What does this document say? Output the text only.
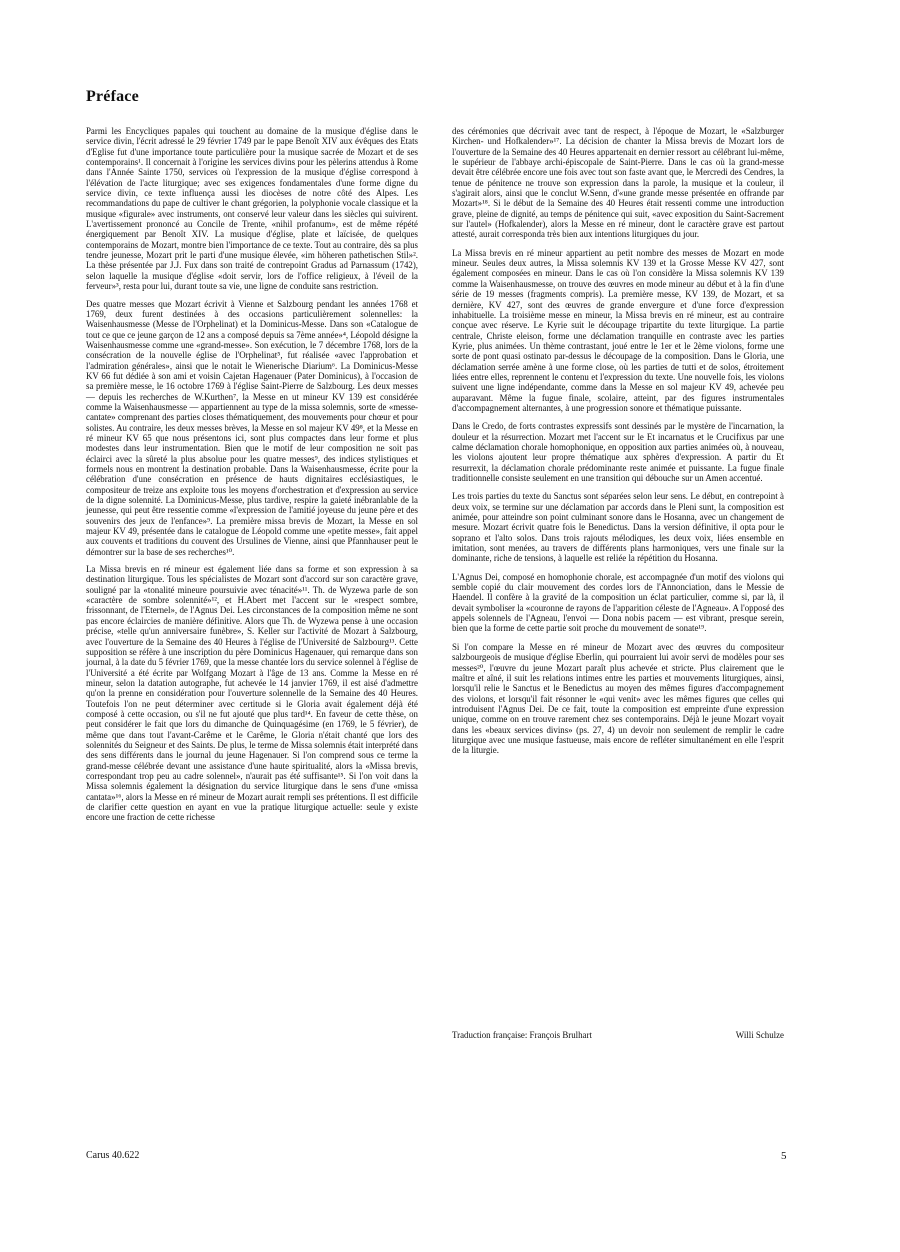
Préface

Parmi les Encycliques papales qui touchent au domaine de la musique d'église dans le service divin, l'écrit adressé le 29 février 1749 par le pape Benoît XIV aux évêques des Etats d'Eglise fut d'une importance toute particulière pour la musique sacrée de Mozart et de ses contemporains¹. Il concernait à l'origine les services divins pour les pèlerins attendus à Rome dans l'Année Sainte 1750, services où l'expression de la musique d'église correspond à l'élévation de l'acte liturgique; avec ses exigences fondamentales d'une forme digne du service divin, ce texte influença aussi les diocèses de notre côté des Alpes. Les recommandations du pape de cultiver le chant grégorien, la polyphonie vocale classique et la musique «figurale» avec instruments, ont conservé leur valeur dans les siècles qui suivirent. L'avertissement prononcé au Concile de Trente, «nihil profanum», est de même répété énergiquement par Benoît XIV. La musique d'église, plate et laïcisée, de quelques contemporains de Mozart, montre bien l'importance de ce texte. Tout au contraire, dès sa plus tendre jeunesse, Mozart prit le parti d'une musique élevée, «im höheren pathetischen Stil»². La thèse présentée par J.J. Fux dans son traité de contrepoint Gradus ad Parnassum (1742), selon laquelle la musique d'église «doit servir, lors de l'office religieux, à l'éveil de la ferveur»³, resta pour lui, durant toute sa vie, une ligne de conduite sans restriction.

Des quatre messes que Mozart écrivit à Vienne et Salzbourg pendant les années 1768 et 1769, deux furent destinées à des occasions particulièrement solennelles: la Waisenhausmesse (Messe de l'Orphelinat) et la Dominicus-Messe. Dans son «Catalogue de tout ce que ce jeune garçon de 12 ans a composé depuis sa 7ème année»⁴, Léopold désigne la Waisenhausmesse comme une «grand-messe». Son exécution, le 7 décembre 1768, lors de la consécration de la nouvelle église de l'Orphelinat⁵, fut réalisée «avec l'approbation et l'admiration générales», ainsi que le notait le Wienerische Diarium⁶. La Dominicus-Messe KV 66 fut dédiée à son ami et voisin Cajetan Hagenauer (Pater Dominicus), à l'occasion de sa première messe, le 16 octobre 1769 à l'église Saint-Pierre de Salzbourg. Les deux messes — depuis les recherches de W.Kurthen⁷, la Messe en ut mineur KV 139 est considérée comme la Waisenhausmesse — appartiennent au type de la missa solemnis, sorte de «messe-cantate» comprenant des parties closes thématiquement, des mouvements pour chœur et pour solistes. Au contraire, les deux messes brèves, la Messe en sol majeur KV 49⁸, et la Messe en ré mineur KV 65 que nous présentons ici, sont plus compactes dans leur forme et plus modestes dans leur instrumentation. Bien que le motif de leur composition ne soit pas éclairci avec la sûreté la plus absolue pour les quatre messes⁹, des indices stylistiques et formels nous en montrent la destination probable. Dans la Waisenhausmesse, écrite pour la célébration d'une consécration en présence de hauts dignitaires ecclésiastiques, le compositeur de treize ans exploite tous les moyens d'orchestration et d'expression au service de la digne solennité. La Dominicus-Messe, plus tardive, respire la gaieté inébranlable de la jeunesse, qui peut être ressentie comme «l'expression de l'amitié joyeuse du jeune père et des souvenirs des jeux de l'enfance»⁹. La première missa brevis de Mozart, la Messe en sol majeur KV 49, présentée dans le catalogue de Léopold comme une «petite messe», fait appel aux couvents et traditions du couvent des Ursulines de Vienne, ainsi que Pfannhauser peut le démontrer sur la base de ses recherches¹⁰.

La Missa brevis en ré mineur est également liée dans sa forme et son expression à sa destination liturgique. Tous les spécialistes de Mozart sont d'accord sur son caractère grave, souligné par la «tonalité mineure poursuivie avec ténacité»¹¹. Th. de Wyzewa parle de son «caractère de sombre solennité»¹², et H.Abert met l'accent sur le «respect sombre, frissonnant, de l'Eternel», de l'Agnus Dei. Les circonstances de la composition même ne sont pas encore éclaircies de manière définitive. Alors que Th. de Wyzewa pense à une occasion précise, «telle qu'un anniversaire funèbre», S. Keller sur l'activité de Mozart à Salzbourg, avec l'ouverture de la Semaine des 40 Heures à l'église de l'Université de Salzbourg¹³. Cette supposition se réfère à une inscription du père Dominicus Hagenauer, qui remarque dans son journal, à la date du 5 février 1769, que la messe chantée lors du service solennel à l'église de l'Université a été écrite par Wolfgang Mozart à l'âge de 13 ans. Comme la Messe en ré mineur, selon la datation autographe, fut achevée le 14 janvier 1769, il est aisé d'admettre qu'on la prenne en considération pour l'ouverture solennelle de la Semaine des 40 Heures. Toutefois l'on ne peut déterminer avec certitude si le Gloria avait également déjà été composé à cette occasion, ou s'il ne fut ajouté que plus tard¹⁴. En faveur de cette thèse, on peut considérer le fait que lors du dimanche de Quinquagésime (en 1769, le 5 février), de même que dans tout l'avant-Carême et le Carême, le Gloria n'était chanté que lors des solennités du Seigneur et des Saints. De plus, le terme de Missa solemnis était interprété dans des sens différents dans le journal du jeune Hagenauer. Si l'on comprend sous ce terme la grand-messe célébrée devant une assistance d'une haute spiritualité, alors la «Missa brevis, correspondant trop peu au cadre solennel», n'aurait pas été suffisante¹⁵. Si l'on voit dans la Missa solemnis également la désignation du service liturgique dans le sens d'une «missa cantata»¹⁶, alors la Messe en ré mineur de Mozart aurait rempli ses prétentions. Il est difficile de clarifier cette question en ayant en vue la pratique liturgique actuelle: seule y existe encore une fraction de cette richesse

des cérémonies que décrivait avec tant de respect, à l'époque de Mozart, le «Salzburger Kirchen- und Hofkalender»¹⁷. La décision de chanter la Missa brevis de Mozart lors de l'ouverture de la Semaine des 40 Heures appartenait en dernier ressort au célébrant lui-même, le supérieur de l'abbaye archi-épiscopale de Saint-Pierre. Dans le cas où la grand-messe devait être célébrée encore une fois avec tout son faste avant que, le Mercredi des Cendres, la tenue de pénitence ne trouve son expression dans la parole, la musique et la couleur, il s'agirait alors, ainsi que le conclut W.Senn, d'«une grande messe présentée en offrande par Mozart»¹⁸. Si le début de la Semaine des 40 Heures était ressenti comme une introduction grave, pleine de dignité, au temps de pénitence qui suit, «avec exposition du Saint-Sacrement sur l'autel» (Hofkalender), alors la Messe en ré mineur, dont le caractère grave est partout attesté, aurait corresponda très bien aux intentions liturgiques du jour.

La Missa brevis en ré mineur appartient au petit nombre des messes de Mozart en mode mineur. Seules deux autres, la Missa solemnis KV 139 et la Grosse Messe KV 427, sont également composées en mineur. Dans le cas où l'on considère la Missa solemnis KV 139 comme la Waisenhausmesse, on trouve des œuvres en mode mineur au début et à la fin d'une série de 19 messes (fragments compris). La première messe, KV 139, de Mozart, et sa dernière, KV 427, sont des œuvres de grande envergure et d'une force d'expression inhabituelle. La troisième messe en mineur, la Missa brevis en ré mineur, est au contraire conçue avec réserve. Le Kyrie suit le découpage tripartite du texte liturgique. La partie centrale, Christe eleison, forme une déclamation tranquille en contraste avec les parties Kyrie, plus animées. Un thème contrastant, joué entre le 1er et le 2ème violons, forme une sorte de pont quasi ostinato par-dessus le découpage de la composition. Dans le Gloria, une déclamation serrée amène à une forme close, où les parties de tutti et de solos, étroitement liées entre elles, reprennent le contenu et l'expression du texte. Une nouvelle fois, les violons suivent une ligne indépendante, comme dans la Messe en sol majeur KV 49, achevée peu auparavant. Même la fugue finale, scolaire, atteint, par des figures instrumentales d'accompagnement alternantes, à une progression sonore et thématique puissante.

Dans le Credo, de forts contrastes expressifs sont dessinés par le mystère de l'incarnation, la douleur et la résurrection. Mozart met l'accent sur le Et incarnatus et le Crucifixus par une calme déclamation chorale homophonique, en opposition aux parties animées où, à nouveau, les violons ajoutent leur propre thématique aux sphères d'expression. A partir du Et resurrexit, la déclamation chorale prédominante reste animée et puissante. La fugue finale traditionnelle consiste seulement en une transition qui débouche sur un Amen accentué.

Les trois parties du texte du Sanctus sont séparées selon leur sens. Le début, en contrepoint à deux voix, se termine sur une déclamation par accords dans le Pleni sunt, la composition est animée, pour atteindre son point culminant sonore dans le Hosanna, avec un changement de mesure. Mozart écrivit quatre fois le Benedictus. Dans la version définitive, il opta pour le soprano et l'alto solos. Dans trois rajouts mélodiques, les deux voix, liées ensemble en imitation, sont menées, au travers de différents plans harmoniques, vers une finale sur la dominante, riche de tensions, à laquelle est reliée la répétition du Hosanna.

L'Agnus Dei, composé en homophonie chorale, est accompagnée d'un motif des violons qui semble copié du clair mouvement des cordes lors de l'Annonciation, dans le Messie de Haendel. Il confère à la gravité de la composition un éclat particulier, comme si, par là, il devait symboliser la «couronne de rayons de l'apparition céleste de l'Agneau». A l'opposé des appels solennels de l'Agneau, l'envoi — Dona nobis pacem — est vibrant, presque serein, bien que la forme de cette partie soit proche du mouvement de sonate¹⁹.

Si l'on compare la Messe en ré mineur de Mozart avec des œuvres du compositeur salzbourgeois de musique d'église Eberlin, qui pourraient lui avoir servi de modèles pour ses messes²⁰, l'œuvre du jeune Mozart paraît plus achevée et stricte. Plus clairement que le maître et aîné, il suit les relations intimes entre les parties et mouvements liturgiques, ainsi, lorsqu'il relie le Sanctus et le Benedictus au moyen des mêmes figures d'accompagnement des violons, et lorsqu'il fait résonner le «qui venit» avec les mêmes figures que celles qui introduisent l'Agnus Dei. De ce fait, toute la composition est empreinte d'une expression unique, comme on en trouve rarement chez ses contemporains. Déjà le jeune Mozart voyait dans les «beaux services divins» (ps. 27, 4) un devoir non seulement de remplir le cadre liturgique avec une musique fastueuse, mais encore de refléter simultanément en elle l'esprit de la liturgie.

Traduction française: François Brulhart	Willi Schulze
Carus 40.622	5
